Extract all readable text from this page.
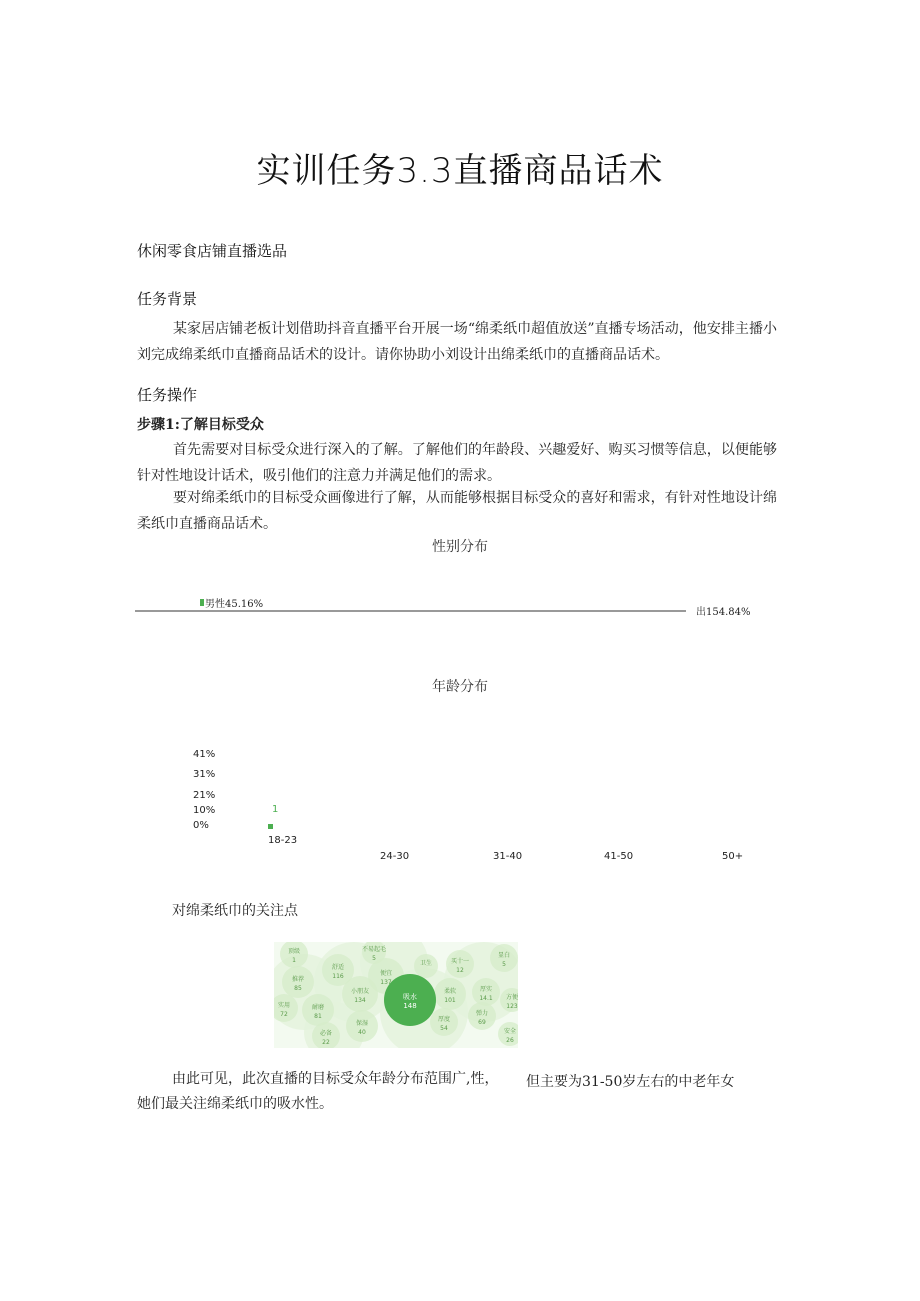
实训任务3.3直播商品话术
休闲零食店铺直播选品
任务背景
某家居店铺老板计划借助抖音直播平台开展一场“绵柔纸巾超值放送”直播专场活动，他安排主播小刘完成绵柔纸巾直播商品话术的设计。请你协助小刘设计出绵柔纸巾的直播商品话术。
任务操作
步骤1:了解目标受众
首先需要对目标受众进行深入的了解。了解他们的年龄段、兴趣爱好、购买习惯等信息，以便能够针对性地设计话术，吸引他们的注意力并满足他们的需求。
要对绵柔纸巾的目标受众画像进行了解，从而能够根据目标受众的喜好和需求，有针对性地设计绵柔纸巾直播商品话术。
性别分布
男性45.16%
出154.84%
年龄分布
41%
31%
21%
10%
0%
1
18-23
24-30	31-40	41-50	50+
对绵柔纸巾的关注点
顶级
1
推荐
85
实用
72
不易起毛
5
舒适
116
小朋友
134
耐磨
81
必备
22
便宜
137
保湿
40
卫生
柔软
101
吸水
148
厚度
54
买十一
12
厚实
14.1
弹力
69
显白
5
方便
123
安全
26
由此可见，此次直播的目标受众年龄分布范围广,性， 但主要为31-50岁左右的中老年女
她们最关注绵柔纸巾的吸水性。
